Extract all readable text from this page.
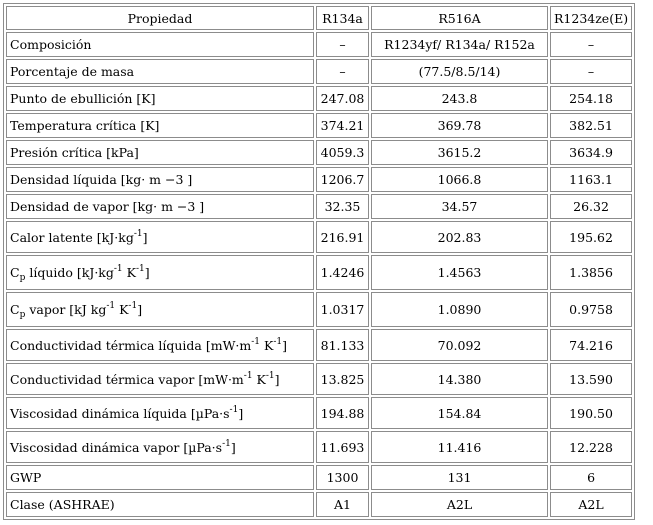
Propiedad	R134a	R516A	R1234ze(E)
Composición	–	R1234yf/ R134a/ R152a	–
Porcentaje de masa	–	(77.5/8.5/14)	–
Punto de ebullición [K]	247.08	243.8	254.18
Temperatura crítica [K]	374.21	369.78	382.51
Presión crítica [kPa]	4059.3	3615.2	3634.9
Densidad líquida [kg· m −3 ]	1206.7	1066.8	1163.1
Densidad de vapor [kg· m −3 ]	32.35	34.57	26.32
Calor latente $[kJ\cdot kg^{-1}]$	216.91	202.83	195.62
$C_p$ líquido [$kJ\cdot kg^{-1}$ $K^{-1}$]	1.4246	1.4563	1.3856
$C_p$ vapor [kJ $kg^{-1}$ $K^{-1}$]	1.0317	1.0890	0.9758
Conductividad térmica líquida [$mW\cdot m^{-1}$ $K^{-1}$]	81.133	70.092	74.216
Conductividad térmica vapor [$mW\cdot m^{-1}$ $K^{-1}$]	13.825	14.380	13.590
Viscosidad dinámica líquida $[\mu Pa\cdot s^{-1}]$	194.88	154.84	190.50
Viscosidad dinámica vapor $[\mu Pa\cdot s^{-1}]$	11.693	11.416	12.228
GWP	1300	131	6
Clase (ASHRAE)	A1	A2L	A2L
